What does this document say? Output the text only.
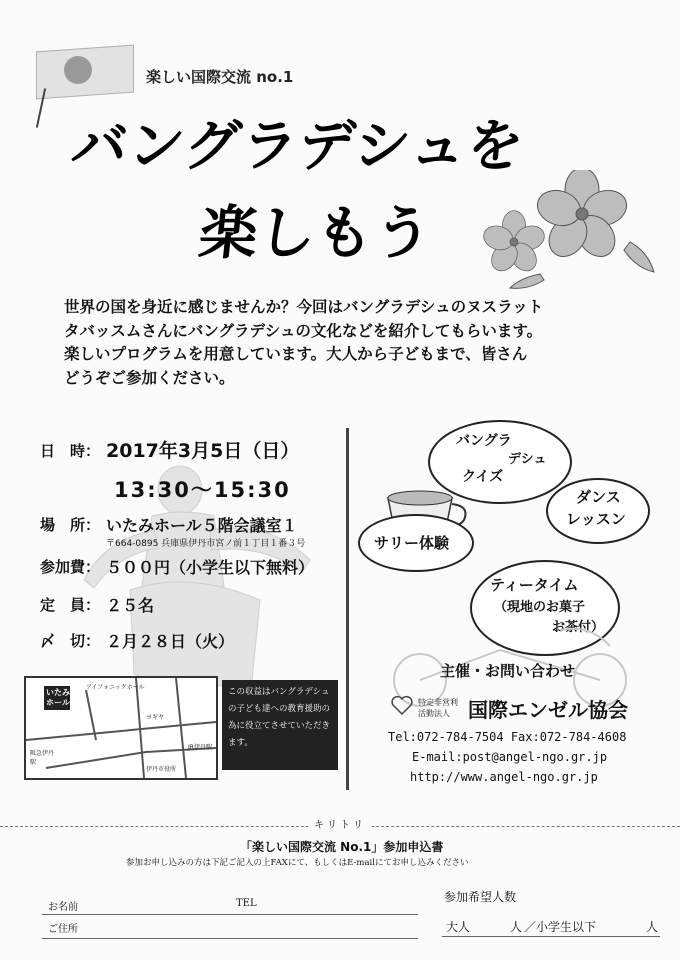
楽しい国際交流 no.1
バングラデシュを
楽しもう
世界の国を身近に感じませんか？今回はバングラデシュのヌスラット
タバッスムさんにバングラデシュの文化などを紹介してもらいます。
楽しいプログラムを用意しています。大人から子どもまで、皆さん
どうぞご参加ください。
日　時： 2017年3月5日（日）
13:30〜15:30
場　所： いたみホール５階会議室１
〒664-0895 兵庫県伊丹市宮ノ前１丁目１番３号
参加費： ５００円（小学生以下無料）
定　員： ２５名
〆　切： ２月２８日（火）
いたみホール
アイフォニックホール
ヨギヤ
伊丹市役所
阪急伊丹駅
JR伊丹駅
この収益はバングラデシュの子ども達への教育援助の為に役立てさせていただきます。
バングラ
デシュ
クイズ
ダンス
レッスン
サリー体験
ティータイム
（現地のお菓子
お茶付）
主催・お問い合わせ
特定非営利
活動法人 国際エンゼル協会
Tel:072-784-7504 Fax:072-784-4608
E-mail:post@angel-ngo.gr.jp
http://www.angel-ngo.gr.jp
キリトリ
「楽しい国際交流 No.1」参加申込書
参加お申し込みの方は下記ご記入の上FAXにて、もしくはE-mailにてお申し込みください
お名前	TEL
ご住所
参加希望人数
大人	人 ／小学生以下	人
